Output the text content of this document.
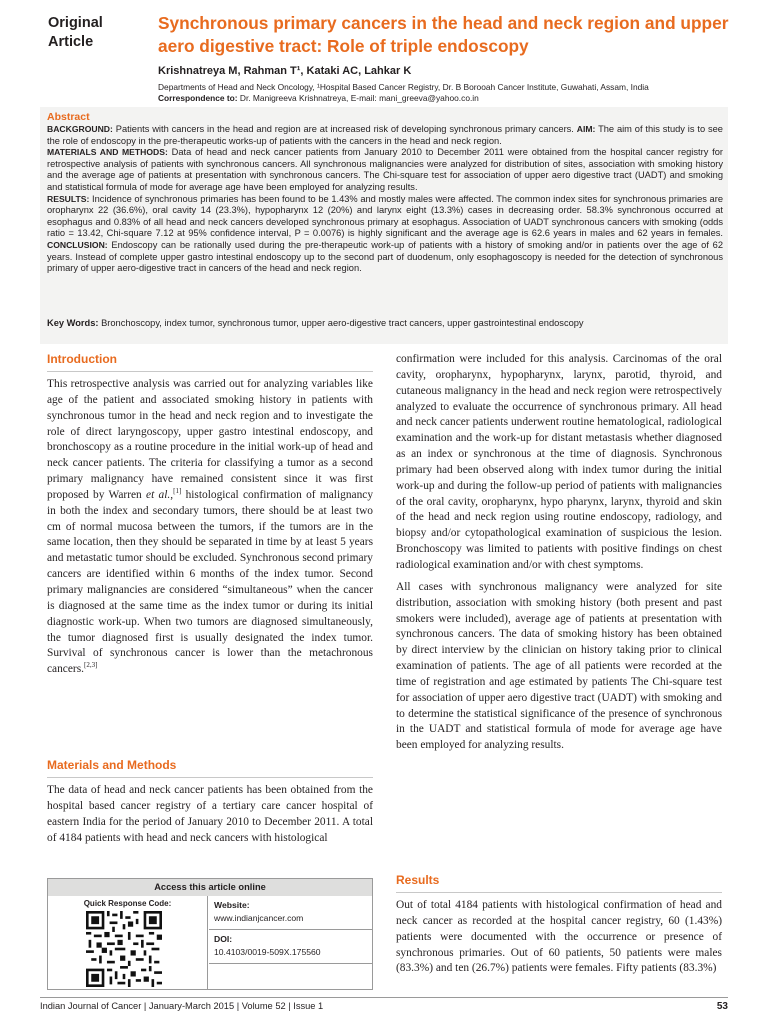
Original
Article
Synchronous primary cancers in the head and neck region and upper aero digestive tract: Role of triple endoscopy
Krishnatreya M, Rahman T¹, Kataki AC, Lahkar K
Departments of Head and Neck Oncology, ¹Hospital Based Cancer Registry, Dr. B Borooah Cancer Institute, Guwahati, Assam, India
Correspondence to: Dr. Manigreeva Krishnatreya, E-mail: mani_greeva@yahoo.co.in
Abstract
BACKGROUND: Patients with cancers in the head and region are at increased risk of developing synchronous primary cancers. AIM: The aim of this study is to see the role of endoscopy in the pre-therapeutic works-up of patients with the cancers in the head and neck region.
MATERIALS AND METHODS: Data of head and neck cancer patients from January 2010 to December 2011 were obtained from the hospital cancer registry for retrospective analysis of patients with synchronous cancers. All synchronous malignancies were analyzed for distribution of sites, association with smoking history and the average age of patients at presentation with synchronous cancers. The Chi-square test for association of upper aero digestive tract (UADT) and smoking and statistical formula of mode for average age have been employed for analyzing results.
RESULTS: Incidence of synchronous primaries has been found to be 1.43% and mostly males were affected. The common index sites for synchronous primaries are oropharynx 22 (36.6%), oral cavity 14 (23.3%), hypopharynx 12 (20%) and larynx eight (13.3%) cases in decreasing order. 58.3% synchronous occurred at esophagus and 0.83% of all head and neck cancers developed synchronous primary at esophagus. Association of UADT synchronous cancers with smoking (odds ratio = 13.42, Chi-square 7.12 at 95% confidence interval, P = 0.0076) is highly significant and the average age is 62.6 years in males and 62 years in females. CONCLUSION: Endoscopy can be rationally used during the pre-therapeutic work-up of patients with a history of smoking and/or in patients over the age of 62 years. Instead of complete upper gastro intestinal endoscopy up to the second part of duodenum, only esophagoscopy is needed for the detection of synchronous primary of upper aero-digestive tract in cancers of the head and neck region.
Key Words: Bronchoscopy, index tumor, synchronous tumor, upper aero-digestive tract cancers, upper gastrointestinal endoscopy
Introduction

This retrospective analysis was carried out for analyzing variables like age of the patient and associated smoking history in patients with synchronous tumor in the head and neck region and to investigate the role of direct laryngoscopy, upper gastro intestinal endoscopy, and bronchoscopy as a routine procedure in the initial work-up of head and neck cancer patients. The criteria for classifying a tumor as a second primary malignancy have remained consistent since it was first proposed by Warren et al.,[1] histological confirmation of malignancy in both the index and secondary tumors, there should be at least two cm of normal mucosa between the tumors, if the tumors are in the same location, then they should be separated in time by at least 5 years and metastatic tumor should be excluded. Synchronous second primary cancers are identified within 6 months of the index tumor. Second primary malignancies are considered “simultaneous” when the cancer is diagnosed at the same time as the index tumor or during its initial diagnostic work-up. When two tumors are diagnosed simultaneously, the tumor diagnosed first is usually designated the index tumor. Survival of synchronous cancer is lower than the metachronous cancers.[2,3]

Materials and Methods

The data of head and neck cancer patients has been obtained from the hospital based cancer registry of a tertiary care cancer hospital of eastern India for the period of January 2010 to December 2011. A total of 4184 patients with head and neck cancers with histological

Access this article online
Quick Response Code:	Website:
www.indianjcancer.com
DOI:
10.4103/0019-509X.175560

confirmation were included for this analysis. Carcinomas of the oral cavity, oropharynx, hypopharynx, larynx, parotid, thyroid, and cutaneous malignancy in the head and neck region were retrospectively analyzed to evaluate the occurrence of synchronous primary. All head and neck cancer patients underwent routine hematological, radiological examination and the work-up for distant metastasis whether diagnosed as an index or synchronous at the time of diagnosis. Synchronous primary had been observed along with index tumor during the initial work-up and during the follow-up period of patients with malignancies of the oral cavity, oropharynx, hypo pharynx, larynx, thyroid and skin of the head and neck region using routine endoscopy, radiology, and biopsy and/or cytopathological examination of suspicious the lesion. Bronchoscopy was limited to patients with positive findings on chest radiological examination and/or with chest symptoms.

All cases with synchronous malignancy were analyzed for site distribution, association with smoking history (both present and past smokers were included), average age of patients at presentation with synchronous cancers. The data of smoking history has been obtained by direct interview by the clinician on history taking prior to clinical examination of patients. The age of all patients were recorded at the time of registration and age estimated by patients The Chi-square test for association of upper aero digestive tract (UADT) with smoking and to determine the statistical significance of the presence of synchronous in the UADT and statistical formula of mode for average age have been employed for analyzing results.

Results

Out of total 4184 patients with histological confirmation of head and neck cancer as recorded at the hospital cancer registry, 60 (1.43%) patients were documented with the occurrence or presence of synchronous primaries. Out of 60 patients, 50 patients were males (83.3%) and ten (26.7%) patients were females. Fifty patients (83.3%)

Indian Journal of Cancer | January-March 2015 | Volume 52 | Issue 1	53
